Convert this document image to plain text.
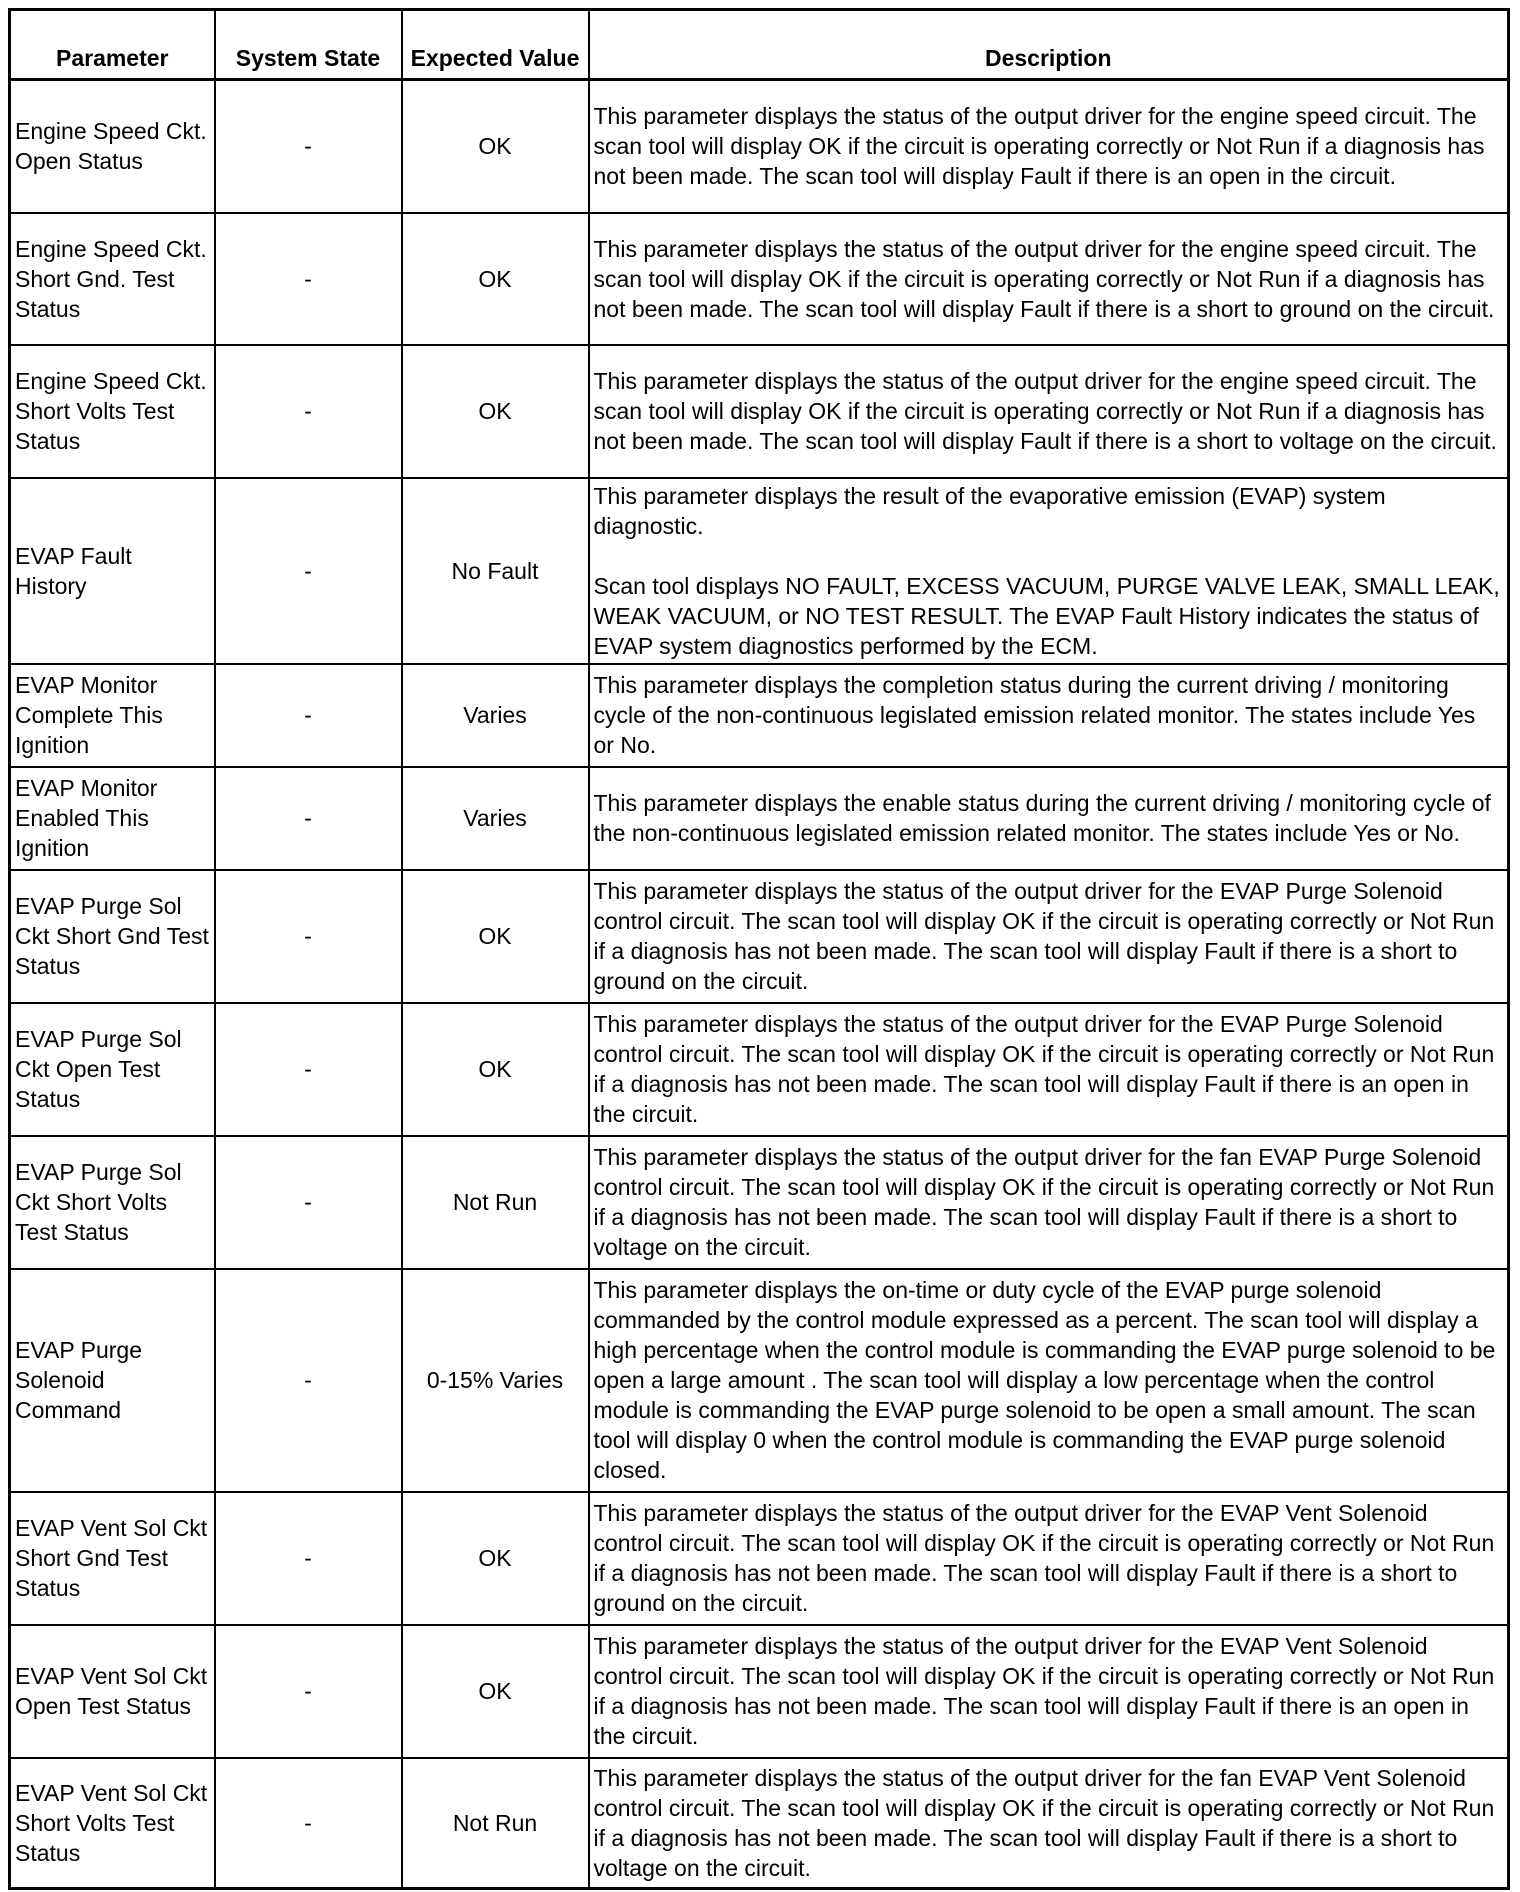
Parameter	System State	Expected Value	Description
Engine Speed Ckt. Open Status	-	OK	This parameter displays the status of the output driver for the engine speed circuit. The scan tool will display OK if the circuit is operating correctly or Not Run if a diagnosis has not been made. The scan tool will display Fault if there is an open in the circuit.

Engine Speed Ckt. Short Gnd. Test Status	-	OK	This parameter displays the status of the output driver for the engine speed circuit. The scan tool will display OK if the circuit is operating correctly or Not Run if a diagnosis has not been made. The scan tool will display Fault if there is a short to ground on the circuit.

Engine Speed Ckt. Short Volts Test Status	-	OK	This parameter displays the status of the output driver for the engine speed circuit. The scan tool will display OK if the circuit is operating correctly or Not Run if a diagnosis has not been made. The scan tool will display Fault if there is a short to voltage on the circuit.

EVAP Fault History	-	No Fault	This parameter displays the result of the evaporative emission (EVAP) system diagnostic.

Scan tool displays NO FAULT, EXCESS VACUUM, PURGE VALVE LEAK, SMALL LEAK, WEAK VACUUM, or NO TEST RESULT. The EVAP Fault History indicates the status of EVAP system diagnostics performed by the ECM.

EVAP Monitor Complete This Ignition	-	Varies	This parameter displays the completion status during the current driving / monitoring cycle of the non-continuous legislated emission related monitor. The states include Yes or No.

EVAP Monitor Enabled This Ignition	-	Varies	This parameter displays the enable status during the current driving / monitoring cycle of the non-continuous legislated emission related monitor. The states include Yes or No.

EVAP Purge Sol Ckt Short Gnd Test Status	-	OK	This parameter displays the status of the output driver for the EVAP Purge Solenoid control circuit. The scan tool will display OK if the circuit is operating correctly or Not Run if a diagnosis has not been made. The scan tool will display Fault if there is a short to ground on the circuit.

EVAP Purge Sol Ckt Open Test Status	-	OK	This parameter displays the status of the output driver for the EVAP Purge Solenoid control circuit. The scan tool will display OK if the circuit is operating correctly or Not Run if a diagnosis has not been made. The scan tool will display Fault if there is an open in the circuit.

EVAP Purge Sol Ckt Short Volts Test Status	-	Not Run	This parameter displays the status of the output driver for the fan EVAP Purge Solenoid control circuit. The scan tool will display OK if the circuit is operating correctly or Not Run if a diagnosis has not been made. The scan tool will display Fault if there is a short to voltage on the circuit.

EVAP Purge Solenoid Command	-	0-15% Varies	This parameter displays the on-time or duty cycle of the EVAP purge solenoid commanded by the control module expressed as a percent. The scan tool will display a high percentage when the control module is commanding the EVAP purge solenoid to be open a large amount . The scan tool will display a low percentage when the control module is commanding the EVAP purge solenoid to be open a small amount. The scan tool will display 0 when the control module is commanding the EVAP purge solenoid closed.

EVAP Vent Sol Ckt Short Gnd Test Status	-	OK	This parameter displays the status of the output driver for the EVAP Vent Solenoid control circuit. The scan tool will display OK if the circuit is operating correctly or Not Run if a diagnosis has not been made. The scan tool will display Fault if there is a short to ground on the circuit.

EVAP Vent Sol Ckt Open Test Status	-	OK	This parameter displays the status of the output driver for the EVAP Vent Solenoid control circuit. The scan tool will display OK if the circuit is operating correctly or Not Run if a diagnosis has not been made. The scan tool will display Fault if there is an open in the circuit.

EVAP Vent Sol Ckt Short Volts Test Status	-	Not Run	This parameter displays the status of the output driver for the fan EVAP Vent Solenoid control circuit. The scan tool will display OK if the circuit is operating correctly or Not Run if a diagnosis has not been made. The scan tool will display Fault if there is a short to voltage on the circuit.
